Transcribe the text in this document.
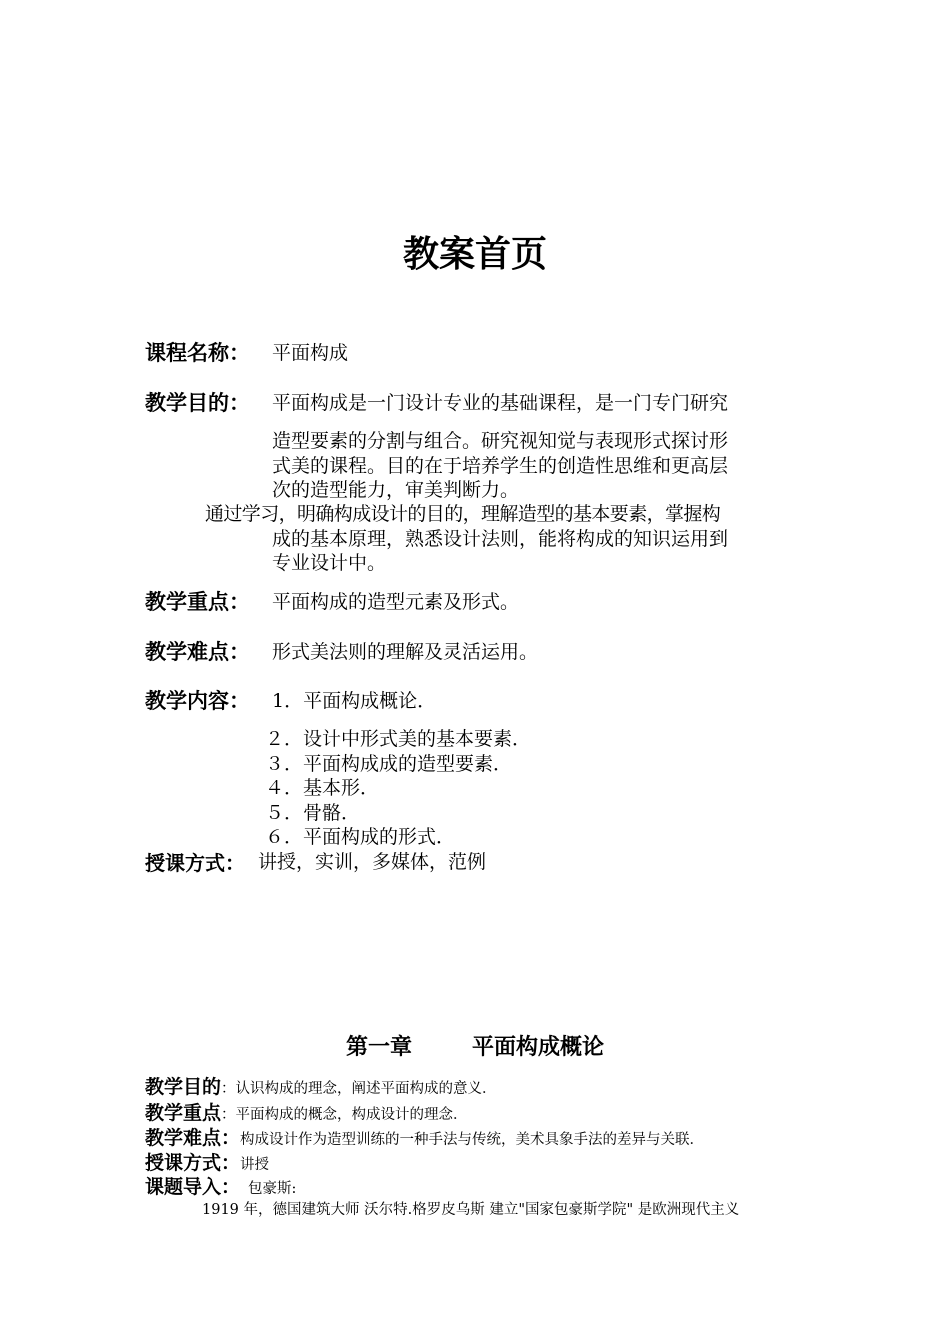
教案首页
课程名称： 平面构成
教学目的： 平面构成是一门设计专业的基础课程，是一门专门研究
造型要素的分割与组合。研究视知觉与表现形式探讨形
式美的课程。目的在于培养学生的创造性思维和更高层
次的造型能力，审美判断力。
通过学习，明确构成设计的目的，理解造型的基本要素，掌握构
成的基本原理，熟悉设计法则，能将构成的知识运用到
专业设计中。
教学重点： 平面构成的造型元素及形式。
教学难点： 形式美法则的理解及灵活运用。
教学内容： 1．平面构成概论．
２．设计中形式美的基本要素．
３．平面构成成的造型要素．
４．基本形．
５．骨骼．
６．平面构成的形式．
授课方式： 讲授，实训，多媒体，范例
第一章	平面构成概论
教学目的：认识构成的理念，阐述平面构成的意义．
教学重点：平面构成的概念，构成设计的理念．
教学难点：构成设计作为造型训练的一种手法与传统，美术具象手法的差异与关联．
授课方式：讲授
课题导入： 包豪斯:
1919 年，德国建筑大师 沃尔特.格罗皮乌斯 建立"国家包豪斯学院" 是欧洲现代主义
